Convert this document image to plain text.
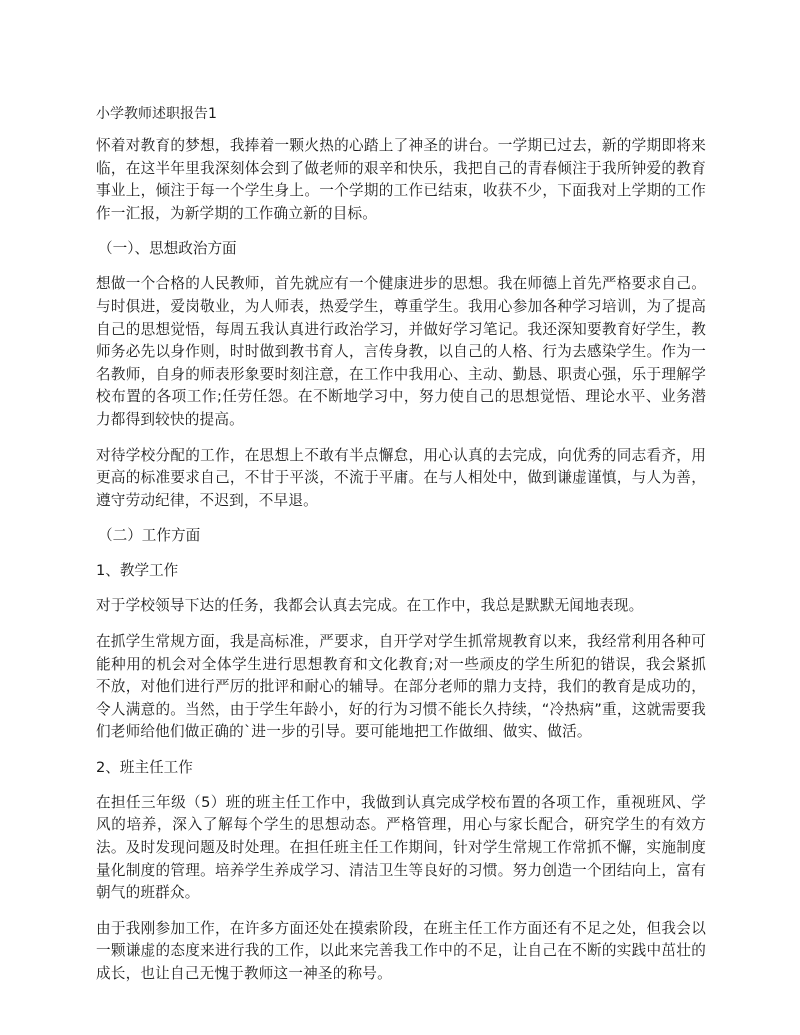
小学教师述职报告1

怀着对教育的梦想，我捧着一颗火热的心踏上了神圣的讲台。一学期已过去，新的学期即将来临，在这半年里我深刻体会到了做老师的艰辛和快乐，我把自己的青春倾注于我所钟爱的教育事业上，倾注于每一个学生身上。一个学期的工作已结束，收获不少，下面我对上学期的工作作一汇报，为新学期的工作确立新的目标。

（一）、思想政治方面

想做一个合格的人民教师，首先就应有一个健康进步的思想。我在师德上首先严格要求自己。与时俱进，爱岗敬业，为人师表，热爱学生，尊重学生。我用心参加各种学习培训，为了提高自己的思想觉悟，每周五我认真进行政治学习，并做好学习笔记。我还深知要教育好学生，教师务必先以身作则，时时做到教书育人，言传身教，以自己的人格、行为去感染学生。作为一名教师，自身的师表形象要时刻注意，在工作中我用心、主动、勤恳、职责心强，乐于理解学校布置的各项工作;任劳任怨。在不断地学习中，努力使自己的思想觉悟、理论水平、业务潜力都得到较快的提高。

对待学校分配的工作，在思想上不敢有半点懈怠，用心认真的去完成，向优秀的同志看齐，用更高的标准要求自己，不甘于平淡，不流于平庸。在与人相处中，做到谦虚谨慎，与人为善，遵守劳动纪律，不迟到，不早退。

（二）工作方面
1、教学工作

对于学校领导下达的任务，我都会认真去完成。在工作中，我总是默默无闻地表现。

在抓学生常规方面，我是高标准，严要求，自开学对学生抓常规教育以来，我经常利用各种可能种用的机会对全体学生进行思想教育和文化教育;对一些顽皮的学生所犯的错误，我会紧抓不放，对他们进行严厉的批评和耐心的辅导。在部分老师的鼎力支持，我们的教育是成功的，令人满意的。当然，由于学生年龄小，好的行为习惯不能长久持续，“冷热病”重，这就需要我们老师给他们做正确的`进一步的引导。要可能地把工作做细、做实、做活。

2、班主任工作

在担任三年级（5）班的班主任工作中，我做到认真完成学校布置的各项工作，重视班风、学风的培养，深入了解每个学生的思想动态。严格管理，用心与家长配合，研究学生的有效方法。及时发现问题及时处理。在担任班主任工作期间，针对学生常规工作常抓不懈，实施制度量化制度的管理。培养学生养成学习、清洁卫生等良好的习惯。努力创造一个团结向上，富有朝气的班群众。

由于我刚参加工作，在许多方面还处在摸索阶段，在班主任工作方面还有不足之处，但我会以一颗谦虚的态度来进行我的工作，以此来完善我工作中的不足，让自己在不断的实践中茁壮的成长，也让自己无愧于教师这一神圣的称号。
